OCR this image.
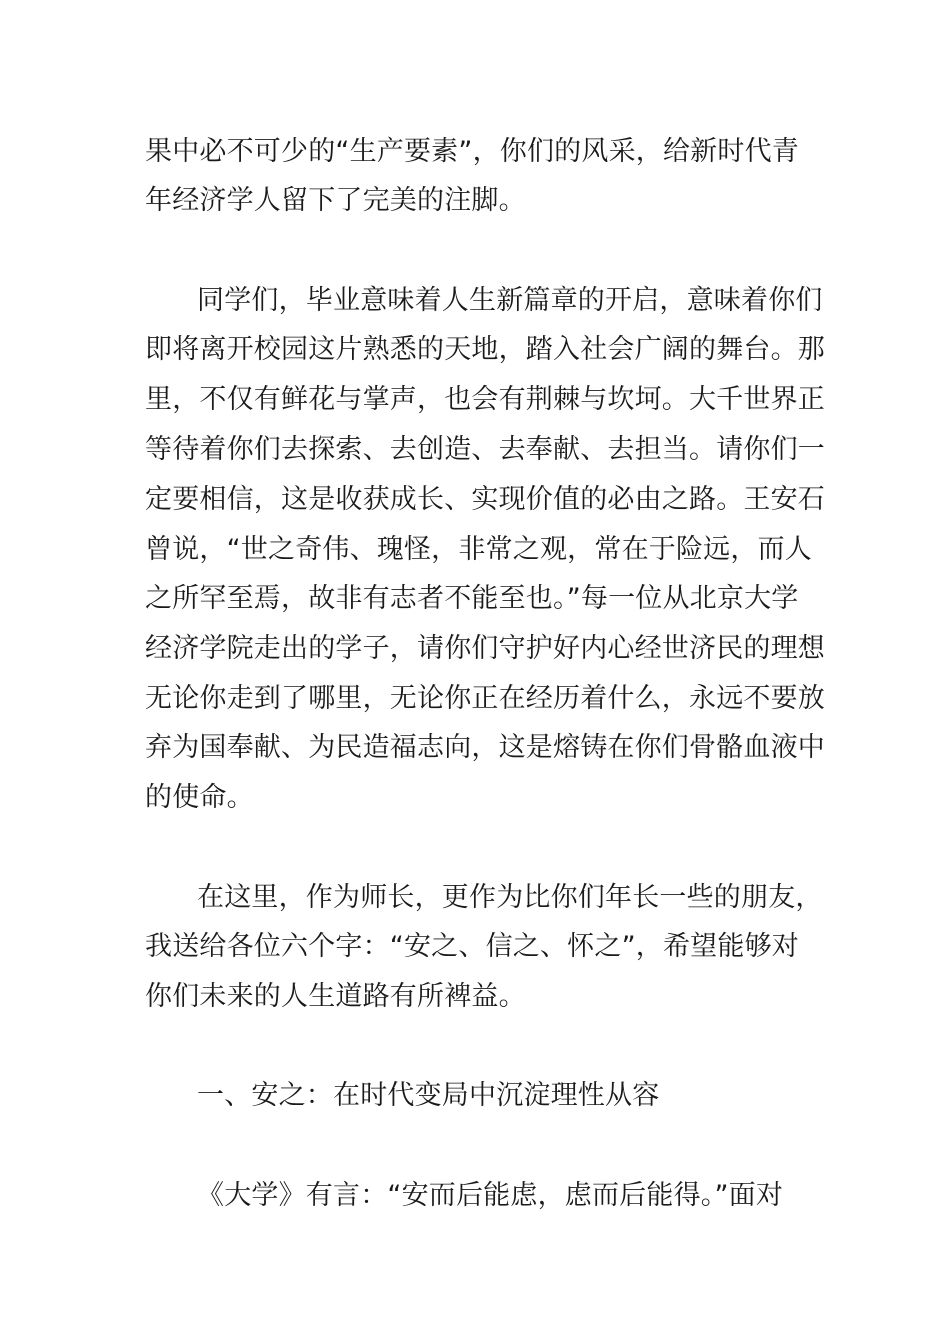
果中必不可少的“生产要素”，你们的风采，给新时代青
年经济学人留下了完美的注脚。
同学们，毕业意味着人生新篇章的开启，意味着你们
即将离开校园这片熟悉的天地，踏入社会广阔的舞台。那
里，不仅有鲜花与掌声，也会有荆棘与坎坷。大千世界正
等待着你们去探索、去创造、去奉献、去担当。请你们一
定要相信，这是收获成长、实现价值的必由之路。王安石
曾说，“世之奇伟、瑰怪，非常之观，常在于险远，而人
之所罕至焉，故非有志者不能至也。”每一位从北京大学
经济学院走出的学子，请你们守护好内心经世济民的理想
无论你走到了哪里，无论你正在经历着什么，永远不要放
弃为国奉献、为民造福志向，这是熔铸在你们骨骼血液中
的使命。
在这里，作为师长，更作为比你们年长一些的朋友，
我送给各位六个字：“安之、信之、怀之”，希望能够对
你们未来的人生道路有所裨益。
一、安之：在时代变局中沉淀理性从容
《大学》有言：“安而后能虑，虑而后能得。”面对
